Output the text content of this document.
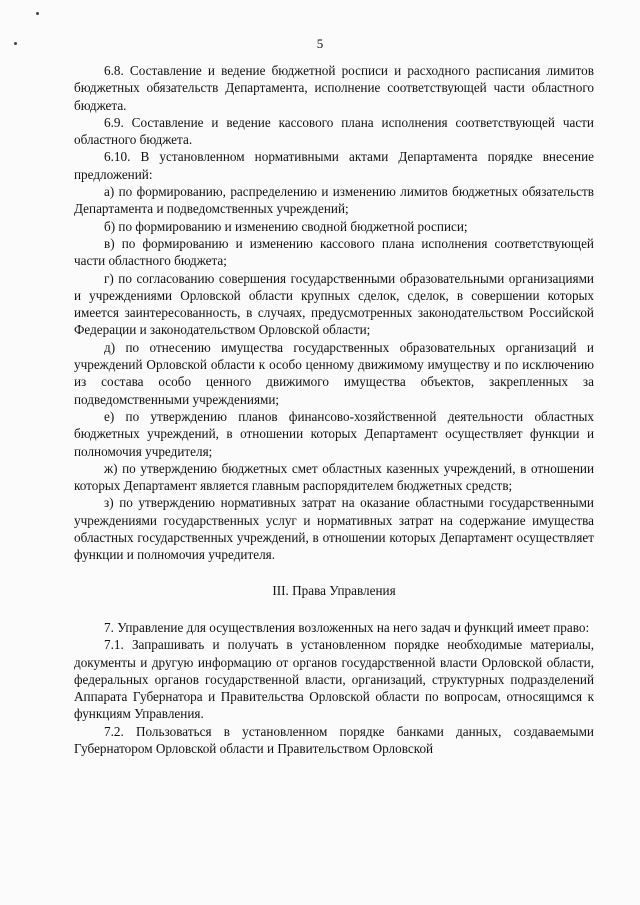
5

6.8. Составление и ведение бюджетной росписи и расходного расписания лимитов бюджетных обязательств Департамента, исполнение соответствующей части областного бюджета.

6.9. Составление и ведение кассового плана исполнения соответствующей части областного бюджета.

6.10. В установленном нормативными актами Департамента порядке внесение предложений:

а) по формированию, распределению и изменению лимитов бюджетных обязательств Департамента и подведомственных учреждений;

б) по формированию и изменению сводной бюджетной росписи;

в) по формированию и изменению кассового плана исполнения соответствующей части областного бюджета;

г) по согласованию совершения государственными образовательными организациями и учреждениями Орловской области крупных сделок, сделок, в совершении которых имеется заинтересованность, в случаях, предусмотренных законодательством Российской Федерации и законодательством Орловской области;

д) по отнесению имущества государственных образовательных организаций и учреждений Орловской области к особо ценному движимому имуществу и по исключению из состава особо ценного движимого имущества объектов, закрепленных за подведомственными учреждениями;

е) по утверждению планов финансово-хозяйственной деятельности областных бюджетных учреждений, в отношении которых Департамент осуществляет функции и полномочия учредителя;

ж) по утверждению бюджетных смет областных казенных учреждений, в отношении которых Департамент является главным распорядителем бюджетных средств;

з) по утверждению нормативных затрат на оказание областными государственными учреждениями государственных услуг и нормативных затрат на содержание имущества областных государственных учреждений, в отношении которых Департамент осуществляет функции и полномочия учредителя.

III. Права Управления

7. Управление для осуществления возложенных на него задач и функций имеет право:

7.1. Запрашивать и получать в установленном порядке необходимые материалы, документы и другую информацию от органов государственной власти Орловской области, федеральных органов государственной власти, организаций, структурных подразделений Аппарата Губернатора и Правительства Орловской области по вопросам, относящимся к функциям Управления.

7.2. Пользоваться в установленном порядке банками данных, создаваемыми Губернатором Орловской области и Правительством Орловской
